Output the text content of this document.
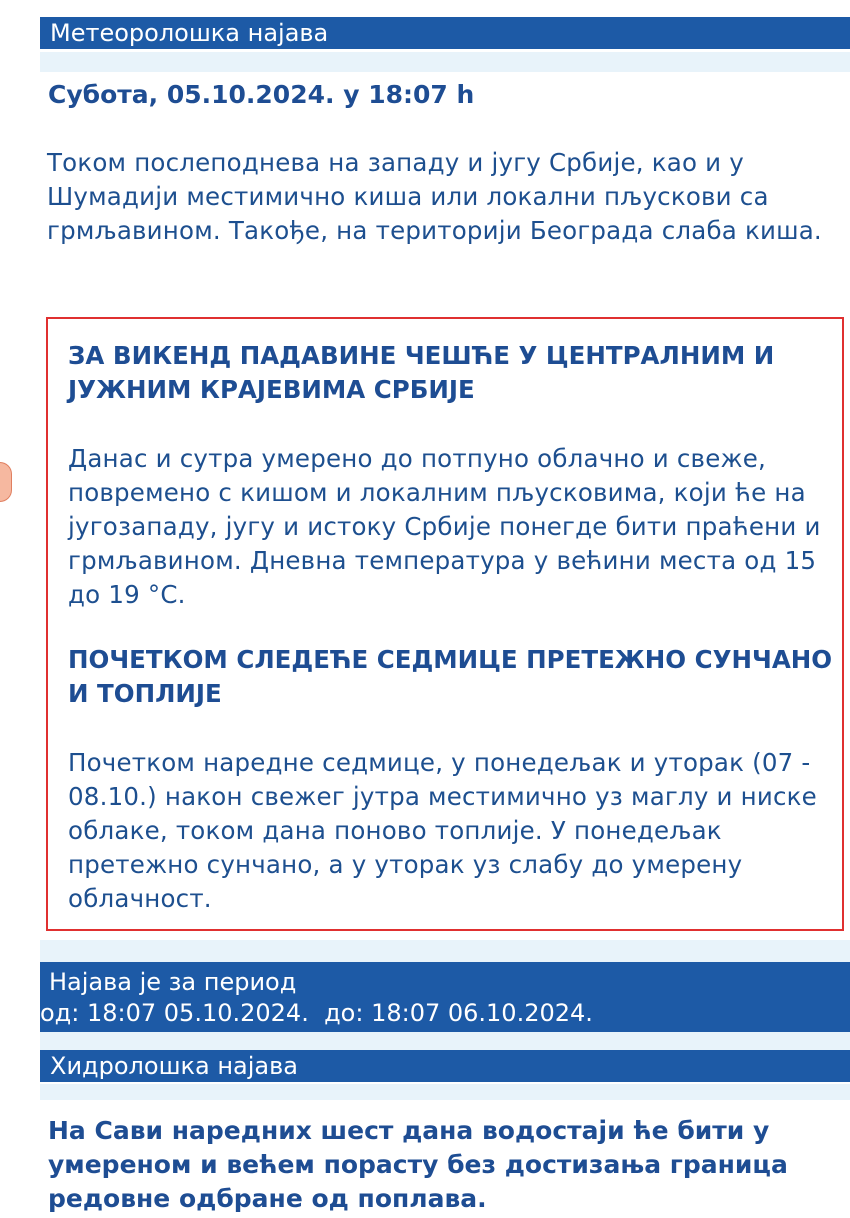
Метеоролошка најава
Субота, 05.10.2024. у 18:07 h
Током послеподнева на западу и југу Србије, као и у Шумадији местимично киша или локални пљускови са грмљавином. Такође, на територији Београда слаба киша.
ЗА ВИКЕНД ПАДАВИНЕ ЧЕШЋЕ У ЦЕНТРАЛНИМ И ЈУЖНИМ КРАЈЕВИМА СРБИЈЕ
Данас и сутра умерено до потпуно облачно и свеже, повремено с кишом и локалним пљусковима, који ће на југозападу, југу и истоку Србије понегде бити праћени и грмљавином. Дневна температура у већини места од 15 до 19 °C.
ПОЧЕТКОМ СЛЕДЕЋЕ СЕДМИЦЕ ПРЕТЕЖНО СУНЧАНО И ТОПЛИЈЕ
Почетком наредне седмице, у понедељак и уторак (07 - 08.10.) након свежег јутра местимично уз маглу и ниске облаке, током дана поново топлије. У понедељак претежно сунчано, а у уторак уз слабу до умерену облачност.
Најава је за период
од: 18:07 05.10.2024.  до: 18:07 06.10.2024.
Хидролошка најава
На Сави наредних шест дана водостаји ће бити у умереном и већем порасту без достизања граница редовне одбране од поплава.
